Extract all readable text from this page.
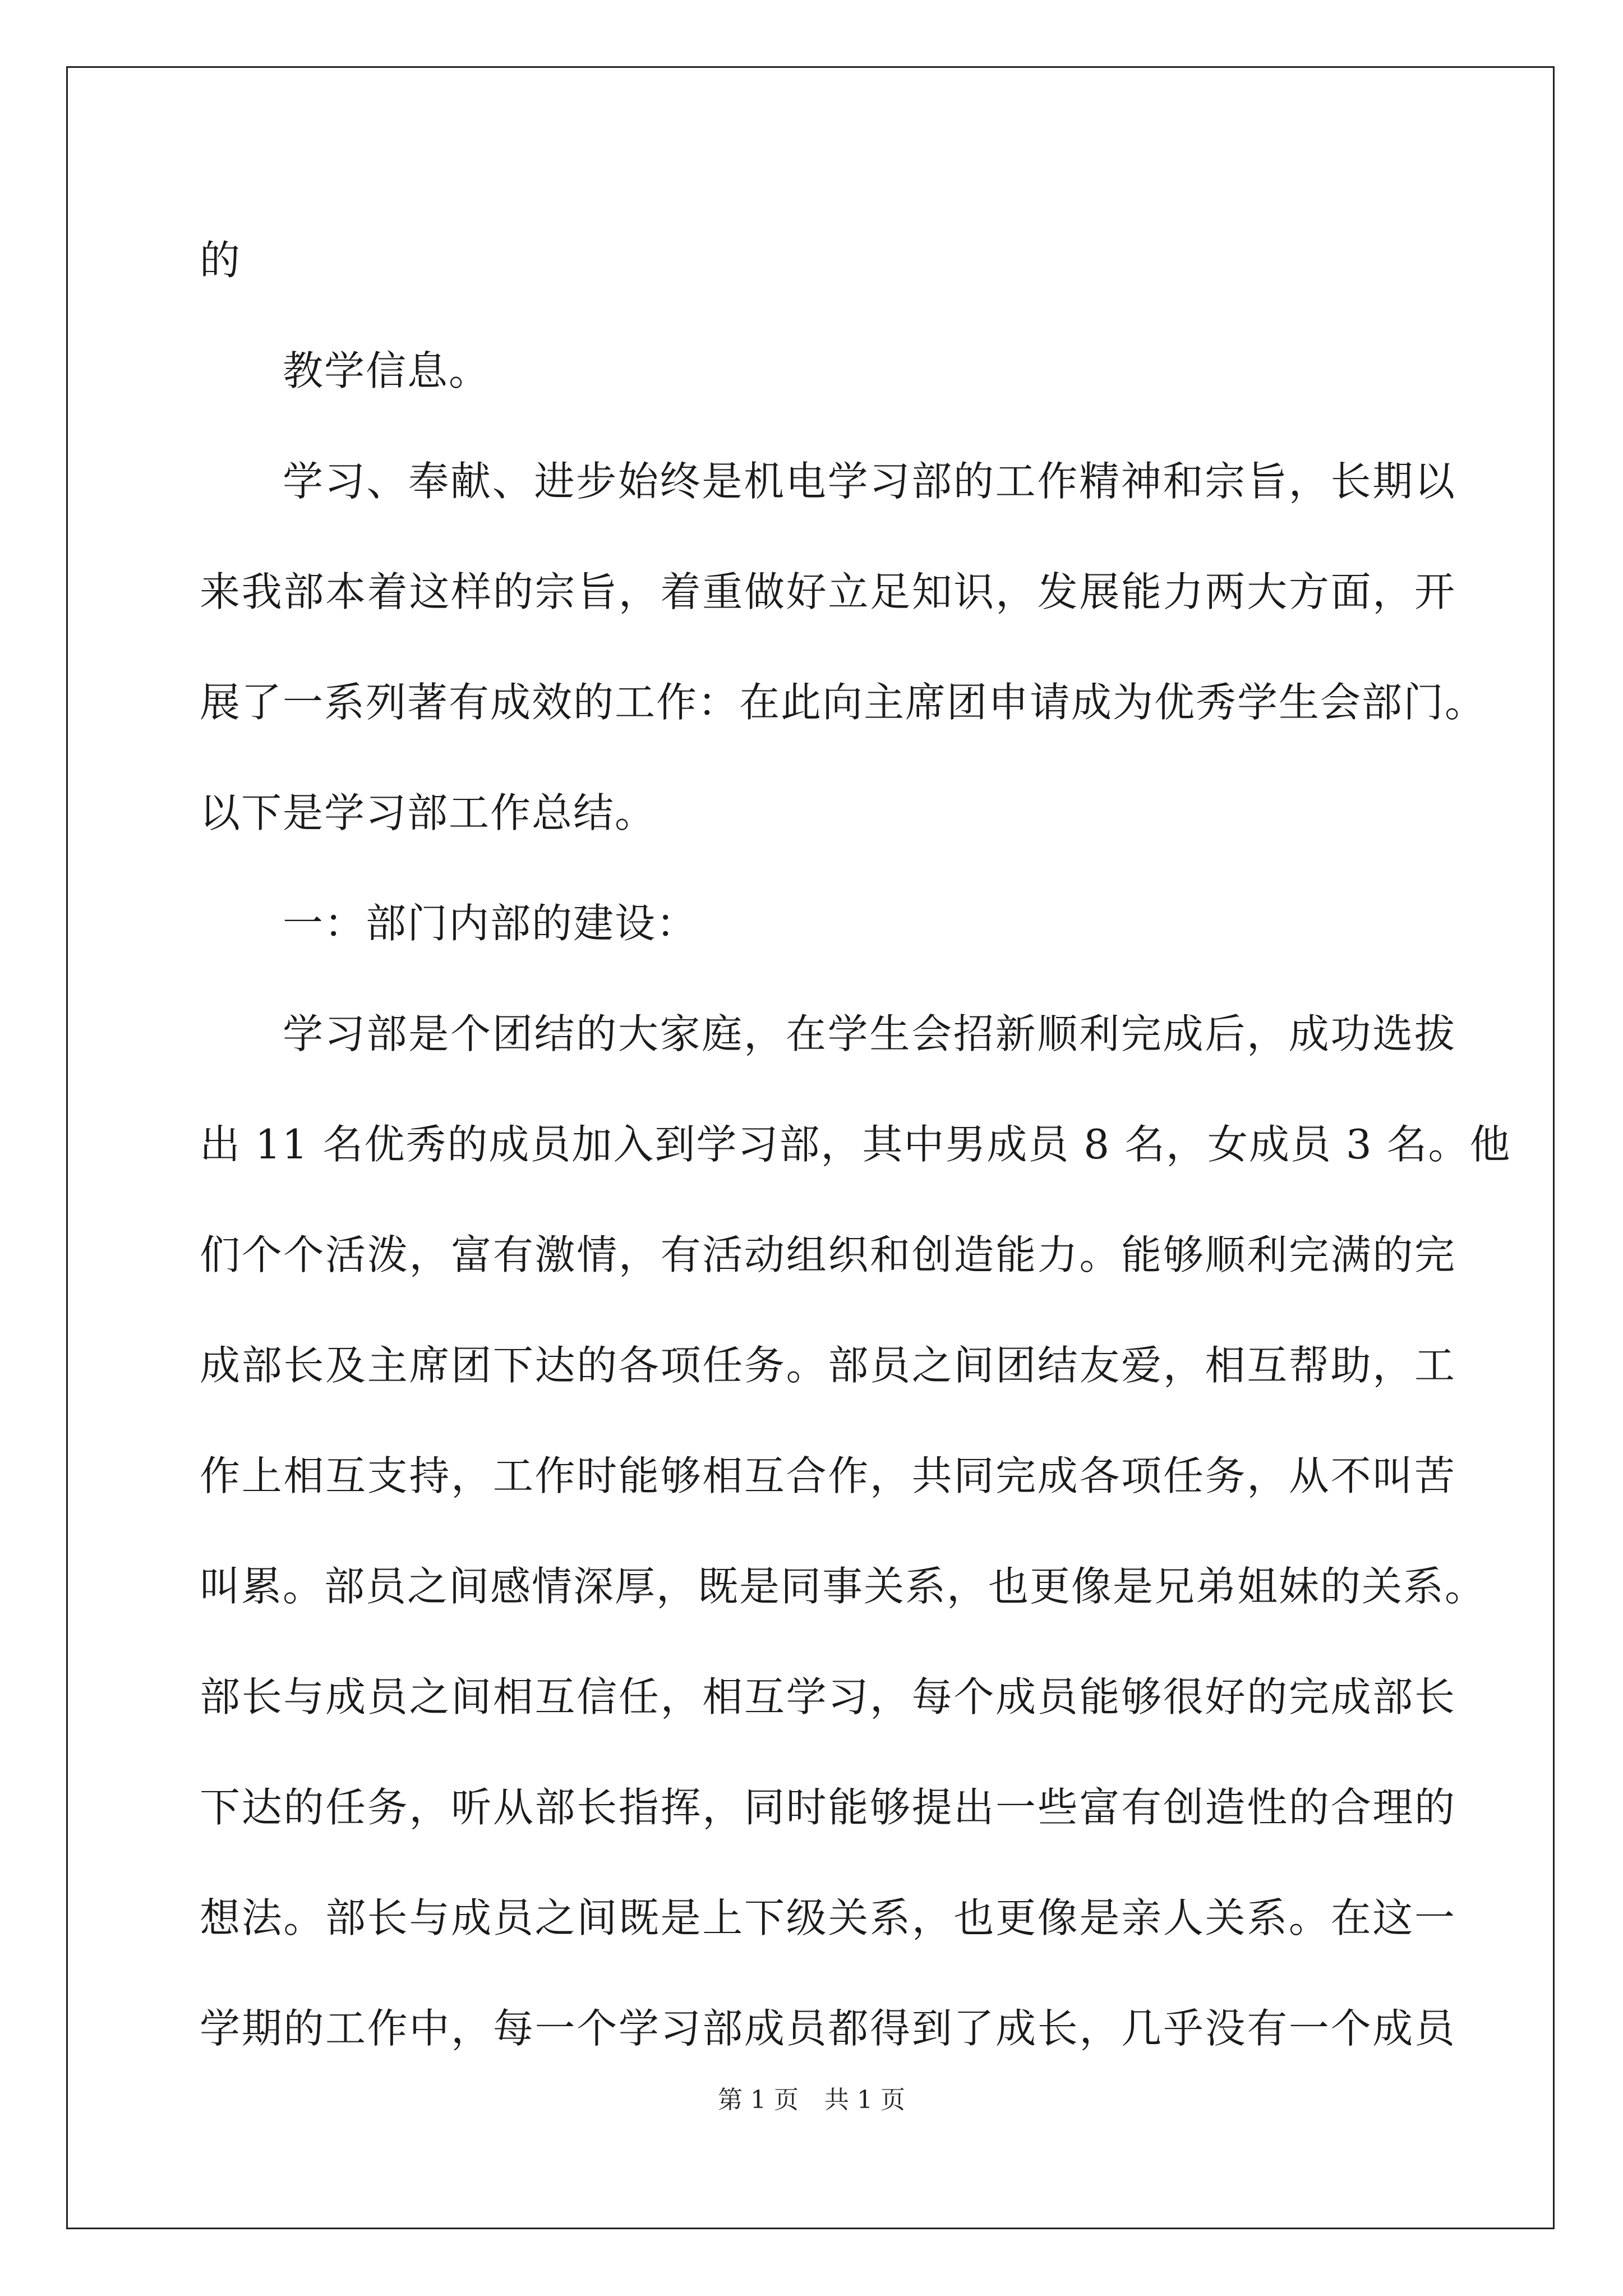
的
教学信息。
学习、奉献、进步始终是机电学习部的工作精神和宗旨，长期以
来我部本着这样的宗旨，着重做好立足知识，发展能力两大方面，开
展了一系列著有成效的工作：在此向主席团申请成为优秀学生会部门。
以下是学习部工作总结。
一：部门内部的建设：
学习部是个团结的大家庭，在学生会招新顺利完成后，成功选拔
出 11 名优秀的成员加入到学习部，其中男成员 8 名，女成员 3 名。他
们个个活泼，富有激情，有活动组织和创造能力。能够顺利完满的完
成部长及主席团下达的各项任务。部员之间团结友爱，相互帮助，工
作上相互支持，工作时能够相互合作，共同完成各项任务，从不叫苦
叫累。部员之间感情深厚，既是同事关系，也更像是兄弟姐妹的关系。
部长与成员之间相互信任，相互学习，每个成员能够很好的完成部长
下达的任务，听从部长指挥，同时能够提出一些富有创造性的合理的
想法。部长与成员之间既是上下级关系，也更像是亲人关系。在这一
学期的工作中，每一个学习部成员都得到了成长，几乎没有一个成员
第 1 页 共 1 页
